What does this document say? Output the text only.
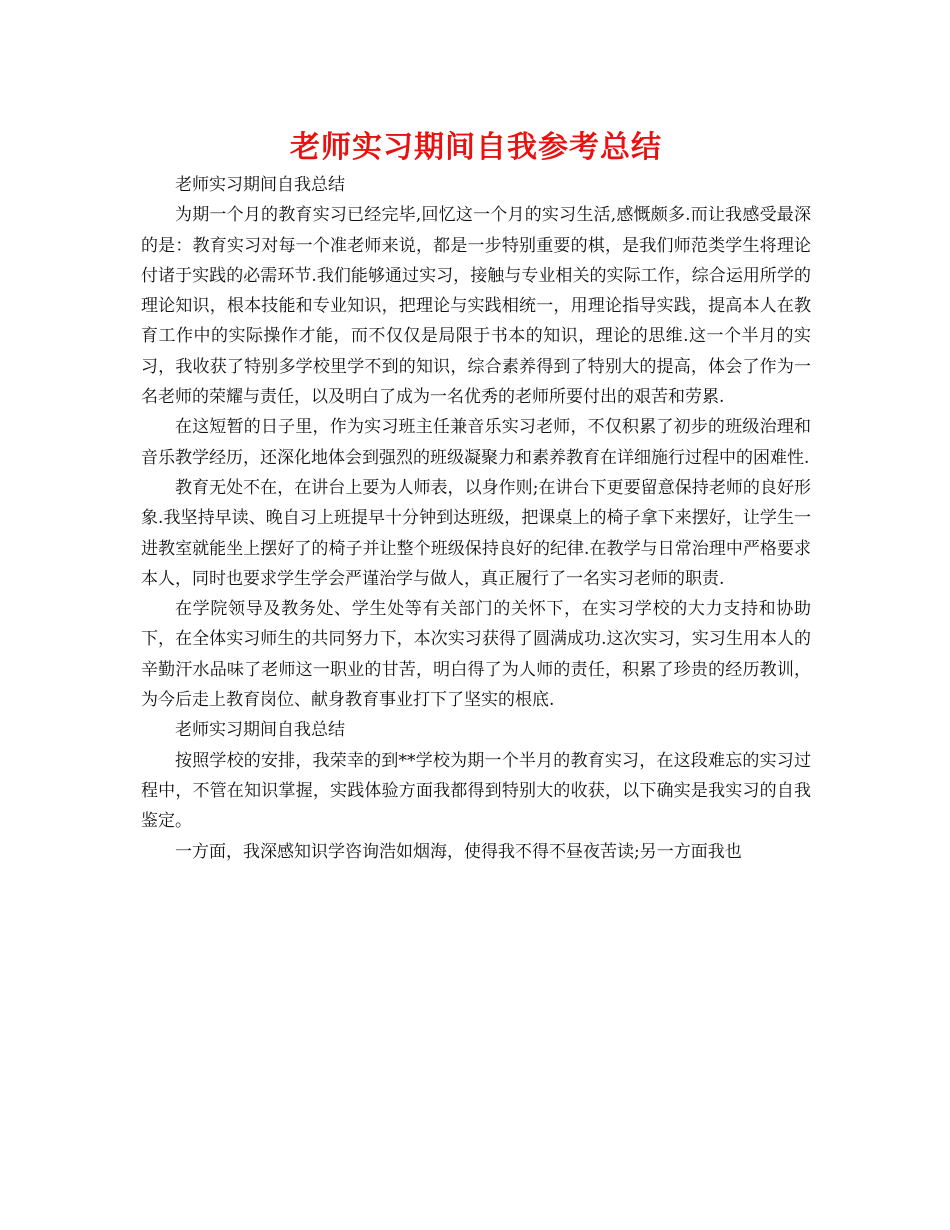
老师实习期间自我参考总结

老师实习期间自我总结

为期一个月的教育实习已经完毕,回忆这一个月的实习生活,感慨颇多.而让我感受最深的是：教育实习对每一个准老师来说，都是一步特别重要的棋，是我们师范类学生将理论付诸于实践的必需环节.我们能够通过实习，接触与专业相关的实际工作，综合运用所学的理论知识，根本技能和专业知识，把理论与实践相统一，用理论指导实践，提高本人在教育工作中的实际操作才能，而不仅仅是局限于书本的知识，理论的思维.这一个半月的实习，我收获了特别多学校里学不到的知识，综合素养得到了特别大的提高，体会了作为一名老师的荣耀与责任，以及明白了成为一名优秀的老师所要付出的艰苦和劳累.

在这短暂的日子里，作为实习班主任兼音乐实习老师，不仅积累了初步的班级治理和音乐教学经历，还深化地体会到强烈的班级凝聚力和素养教育在详细施行过程中的困难性.

教育无处不在，在讲台上要为人师表，以身作则;在讲台下更要留意保持老师的良好形象.我坚持早读、晚自习上班提早十分钟到达班级，把课桌上的椅子拿下来摆好，让学生一进教室就能坐上摆好了的椅子并让整个班级保持良好的纪律.在教学与日常治理中严格要求本人，同时也要求学生学会严谨治学与做人，真正履行了一名实习老师的职责.

在学院领导及教务处、学生处等有关部门的关怀下，在实习学校的大力支持和协助下，在全体实习师生的共同努力下，本次实习获得了圆满成功.这次实习，实习生用本人的辛勤汗水品味了老师这一职业的甘苦，明白得了为人师的责任，积累了珍贵的经历教训，为今后走上教育岗位、献身教育事业打下了坚实的根底.

老师实习期间自我总结

按照学校的安排，我荣幸的到**学校为期一个半月的教育实习，在这段难忘的实习过程中，不管在知识掌握，实践体验方面我都得到特别大的收获，以下确实是我实习的自我鉴定。

一方面，我深感知识学咨询浩如烟海，使得我不得不昼夜苦读;另一方面我也
